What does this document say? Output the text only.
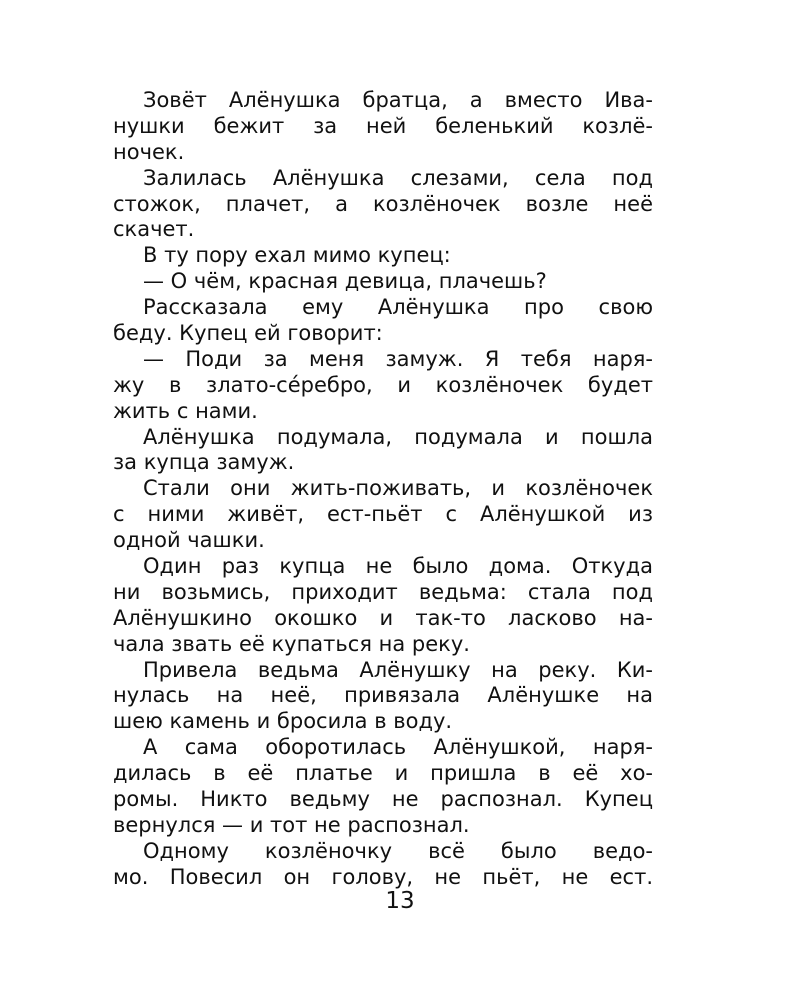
Зовёт Алёнушка братца, а вместо Ива-
нушки бежит за ней беленький козлё-
ночек.
Залилась Алёнушка слезами, села под
стожок, плачет, а козлёночек возле неё
скачет.
В ту пору ехал мимо купец:
— О чём, красная девица, плачешь?
Рассказала ему Алёнушка про свою
беду. Купец ей говорит:
— Поди за меня замуж. Я тебя наря-
жу в злато-сéребро, и козлёночек будет
жить с нами.
Алёнушка подумала, подумала и пошла
за купца замуж.
Стали они жить-поживать, и козлёночек
с ними живёт, ест-пьёт с Алёнушкой из
одной чашки.
Один раз купца не было дома. Откуда
ни возьмись, приходит ведьма: стала под
Алёнушкино окошко и так-то ласково на-
чала звать её купаться на реку.
Привела ведьма Алёнушку на реку. Ки-
нулась на неё, привязала Алёнушке на
шею камень и бросила в воду.
А сама оборотилась Алёнушкой, наря-
дилась в её платье и пришла в её хо-
ромы. Никто ведьму не распознал. Купец
вернулся — и тот не распознал.
Одному козлёночку всё было ведо-
мо. Повесил он голову, не пьёт, не ест.
13
